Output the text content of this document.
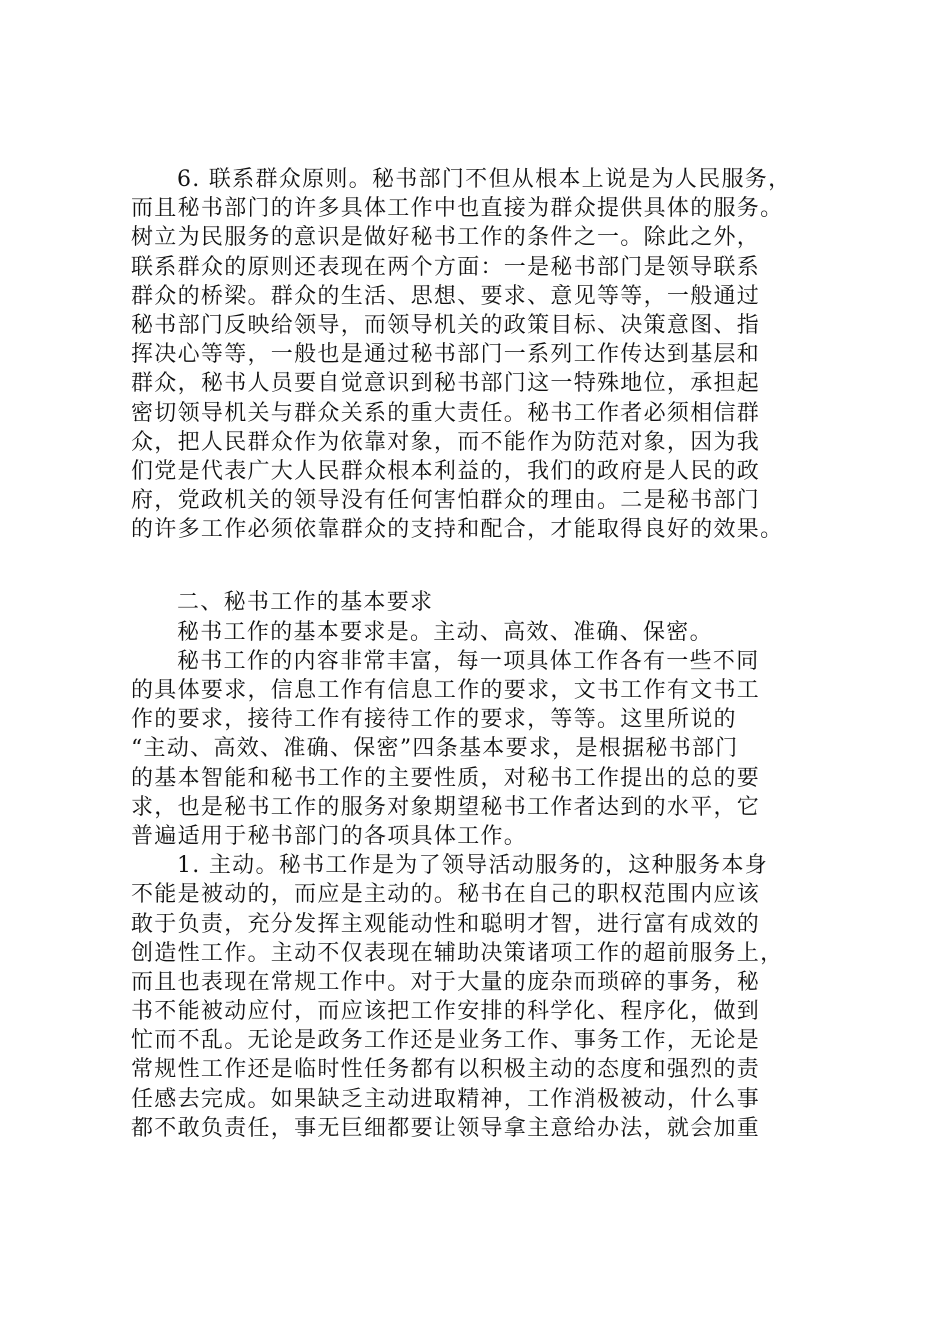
6. 联系群众原则。秘书部门不但从根本上说是为人民服务，
而且秘书部门的许多具体工作中也直接为群众提供具体的服务。
树立为民服务的意识是做好秘书工作的条件之一。除此之外，
联系群众的原则还表现在两个方面：一是秘书部门是领导联系
群众的桥梁。群众的生活、思想、要求、意见等等，一般通过
秘书部门反映给领导，而领导机关的政策目标、决策意图、指
挥决心等等，一般也是通过秘书部门一系列工作传达到基层和
群众，秘书人员要自觉意识到秘书部门这一特殊地位，承担起
密切领导机关与群众关系的重大责任。秘书工作者必须相信群
众，把人民群众作为依靠对象，而不能作为防范对象，因为我
们党是代表广大人民群众根本利益的，我们的政府是人民的政
府，党政机关的领导没有任何害怕群众的理由。二是秘书部门
的许多工作必须依靠群众的支持和配合，才能取得良好的效果。
二、秘书工作的基本要求
秘书工作的基本要求是。主动、高效、准确、保密。
秘书工作的内容非常丰富，每一项具体工作各有一些不同
的具体要求，信息工作有信息工作的要求，文书工作有文书工
作的要求，接待工作有接待工作的要求，等等。这里所说的
“主动、高效、准确、保密”四条基本要求，是根据秘书部门
的基本智能和秘书工作的主要性质，对秘书工作提出的总的要
求，也是秘书工作的服务对象期望秘书工作者达到的水平，它
普遍适用于秘书部门的各项具体工作。
1. 主动。秘书工作是为了领导活动服务的，这种服务本身
不能是被动的，而应是主动的。秘书在自己的职权范围内应该
敢于负责，充分发挥主观能动性和聪明才智，进行富有成效的
创造性工作。主动不仅表现在辅助决策诸项工作的超前服务上，
而且也表现在常规工作中。对于大量的庞杂而琐碎的事务，秘
书不能被动应付，而应该把工作安排的科学化、程序化，做到
忙而不乱。无论是政务工作还是业务工作、事务工作，无论是
常规性工作还是临时性任务都有以积极主动的态度和强烈的责
任感去完成。如果缺乏主动进取精神，工作消极被动，什么事
都不敢负责任，事无巨细都要让领导拿主意给办法，就会加重
